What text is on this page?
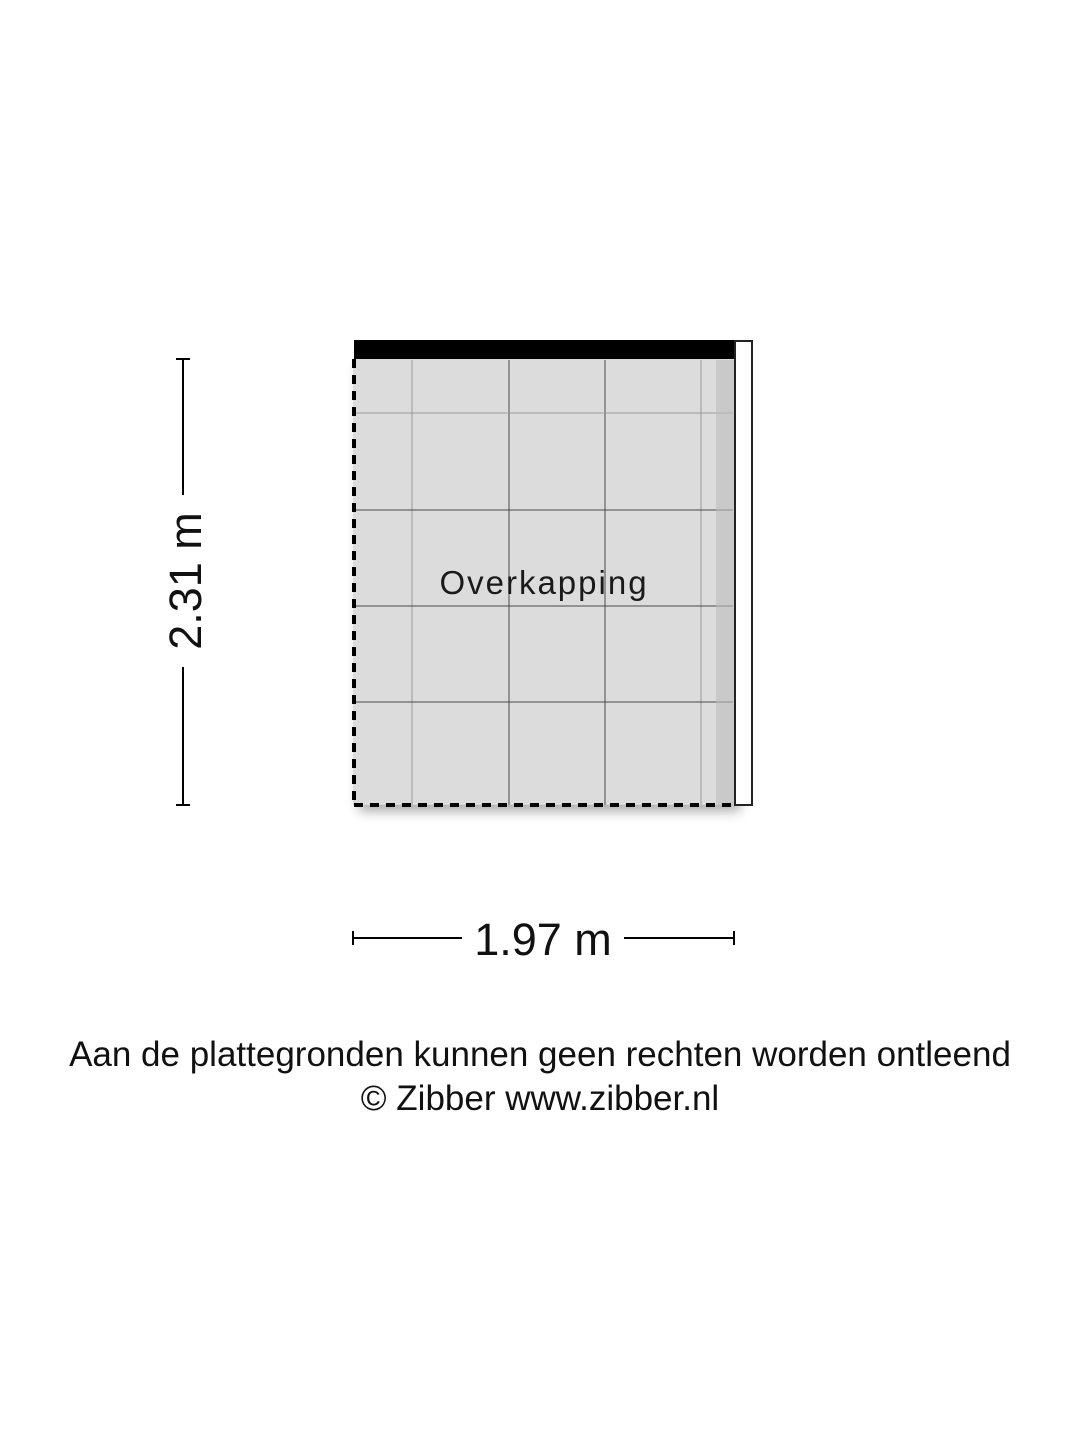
Overkapping
2.31 m
1.97 m
Aan de plattegronden kunnen geen rechten worden ontleend
© Zibber www.zibber.nl
